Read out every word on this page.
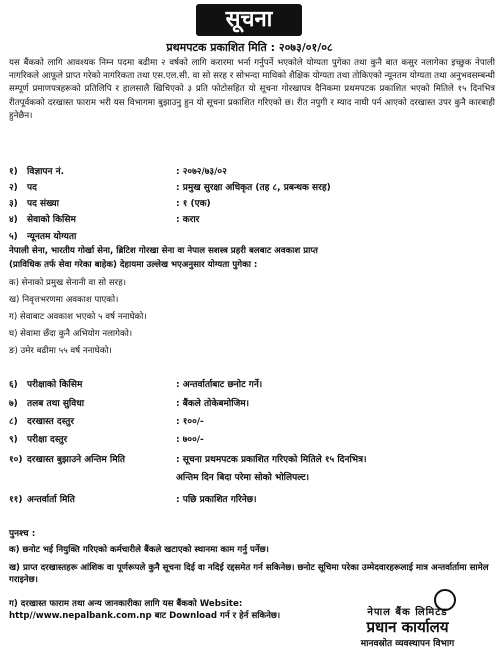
सूचना
प्रथमपटक प्रकाशित मिति : २०७३/०१/०८
यस बैंकको लागि आवश्यक निम्न पदमा बढीमा २ वर्षको लागि करारमा भर्ना गर्नुपर्ने भएकोले योग्यता पुगेका तथा कुनै बात कसुर नलागेका इच्छुक नेपाली नागरिकले आफूले प्राप्त गरेको नागरिकता तथा एस.एल.सी. वा सो सरह र सोभन्दा माथिको शैक्षिक योग्यता तथा तोकिएको न्यूनतम योग्यता तथा अनुभवसम्बन्धी सम्पूर्ण प्रमाणपत्रहरूको प्रतिलिपि र हालसालै खिचिएको ३ प्रति फोटोसहित यो सूचना गोरखापत्र दैनिकमा प्रथमपटक प्रकाशित भएको मितिले १५ दिनभित्र रीतपूर्वकको दरखास्त फाराम भरी यस विभागमा बुझाउनु हुन यो सूचना प्रकाशित गरिएको छ। रीत नपुगी र म्याद नाघी पर्न आएको दरखास्त उपर कुनै कारबाही हुनेछैन।
१) विज्ञापन नं.	: २०७२/७३/०२
२) पद	: प्रमुख सुरक्षा अधिकृत (तह ८, प्रबन्धक सरह)
३) पद संख्या	: १ (एक)
४) सेवाको किसिम	: करार
५) न्यूनतम योग्यता
नेपाली सेना, भारतीय गोर्खा सेना, ब्रिटिश गोरखा सेना वा नेपाल सशस्त्र प्रहरी बलबाट अवकाश प्राप्त
(प्राविधिक तर्फ सेवा गरेका बाहेक) देहायमा उल्लेख भएअनुसार योग्यता पुगेका :
क) सेनाको प्रमुख सेनानी वा सो सरह।
ख) निवृत्तभरणमा अवकाश पाएको।
ग) सेवाबाट अवकाश भएको ५ वर्ष ननाघेको।
घ) सेवामा छँदा कुनै अभियोग नलागेको।
ङ) उमेर बढीमा ५५ वर्ष ननाघेको।
६) परीक्षाको किसिम	: अन्तर्वार्ताबाट छनोट गर्ने।
७) तलब तथा सुविधा	: बैंकले तोकेबमोजिम।
८) दरखास्त दस्तुर	: १००/-
९) परीक्षा दस्तुर	: ७००/-
१०) दरखास्त बुझाउने अन्तिम मिति	: सूचना प्रथमपटक प्रकाशित गरिएको मितिले १५ दिनभित्र।
अन्तिम दिन बिदा परेमा सोको भोलिपल्ट।
११) अन्तर्वार्ता मिति	: पछि प्रकाशित गरिनेछ।
पुनश्च :
क) छनोट भई नियुक्ति गरिएको कर्मचारीले बैंकले खटाएको स्थानमा काम गर्नु पर्नेछ।
ख) प्राप्त दरखास्तहरू आंशिक वा पूर्णरूपले कुनै सूचना दिई वा नदिई रद्दसमेत गर्न सकिनेछ। छनोट सूचिमा परेका उम्मेदवारहरूलाई मात्र अन्तर्वार्तामा सामेल गराइनेछ।
ग) दरखास्त फाराम तथा अन्य जानकारीका लागि यस बैंकको Website: http//www.nepalbank.com.np बाट Download गर्न र हेर्न सकिनेछ।	नेपाल बैंक लिमिटेड
प्रधान कार्यालय
मानवस्रोत व्यवस्थापन विभाग
